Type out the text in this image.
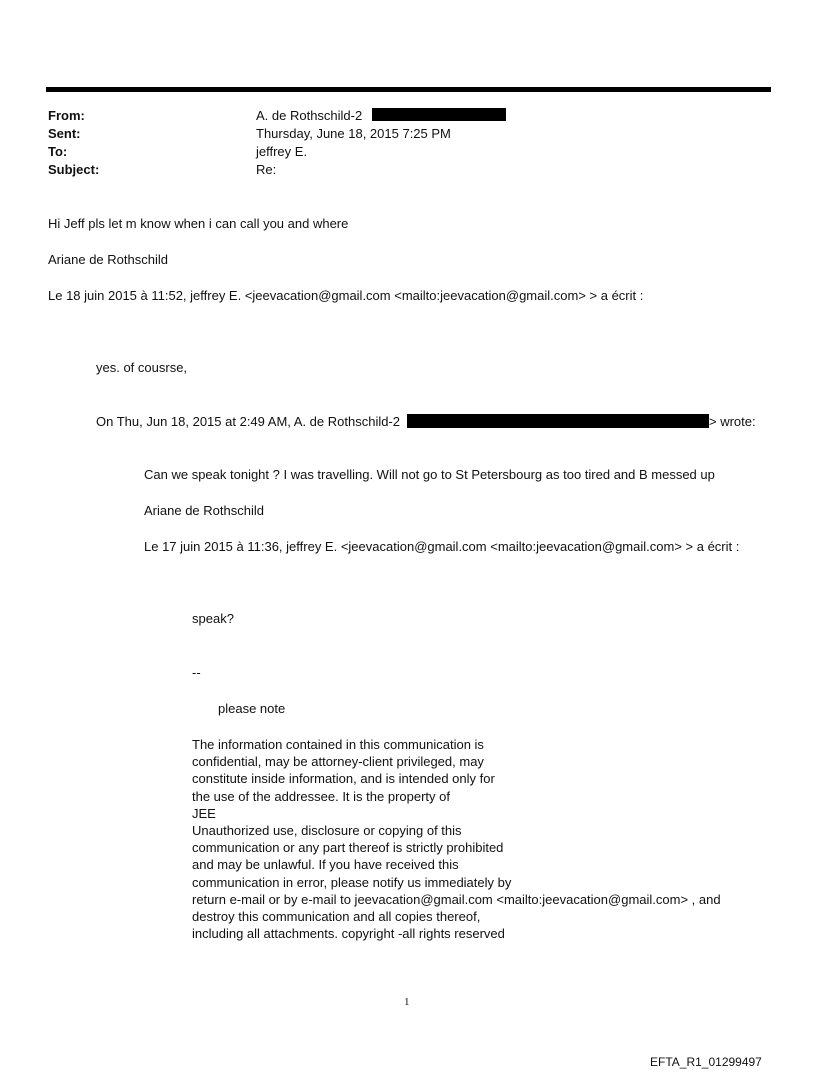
From:	A. de Rothschild-2
Sent:	Thursday, June 18, 2015 7:25 PM
To:	jeffrey E.
Subject:	Re:
Hi Jeff pls let m know when i can call you and where
Ariane de Rothschild
Le 18 juin 2015 à 11:52, jeffrey E. <jeevacation@gmail.com <mailto:jeevacation@gmail.com> > a écrit :
yes. of cousrse,
On Thu, Jun 18, 2015 at 2:49 AM, A. de Rothschild-2	> wrote:
Can we speak tonight ? I was travelling. Will not go to St Petersbourg as too tired and B messed up
Ariane de Rothschild
Le 17 juin 2015 à 11:36, jeffrey E. <jeevacation@gmail.com <mailto:jeevacation@gmail.com> > a écrit :
speak?
--
please note
The information contained in this communication is
confidential, may be attorney-client privileged, may
constitute inside information, and is intended only for
the use of the addressee. It is the property of
JEE
Unauthorized use, disclosure or copying of this
communication or any part thereof is strictly prohibited
and may be unlawful. If you have received this
communication in error, please notify us immediately by
return e-mail or by e-mail to jeevacation@gmail.com <mailto:jeevacation@gmail.com> , and
destroy this communication and all copies thereof,
including all attachments. copyright -all rights reserved
1
EFTA_R1_01299497
